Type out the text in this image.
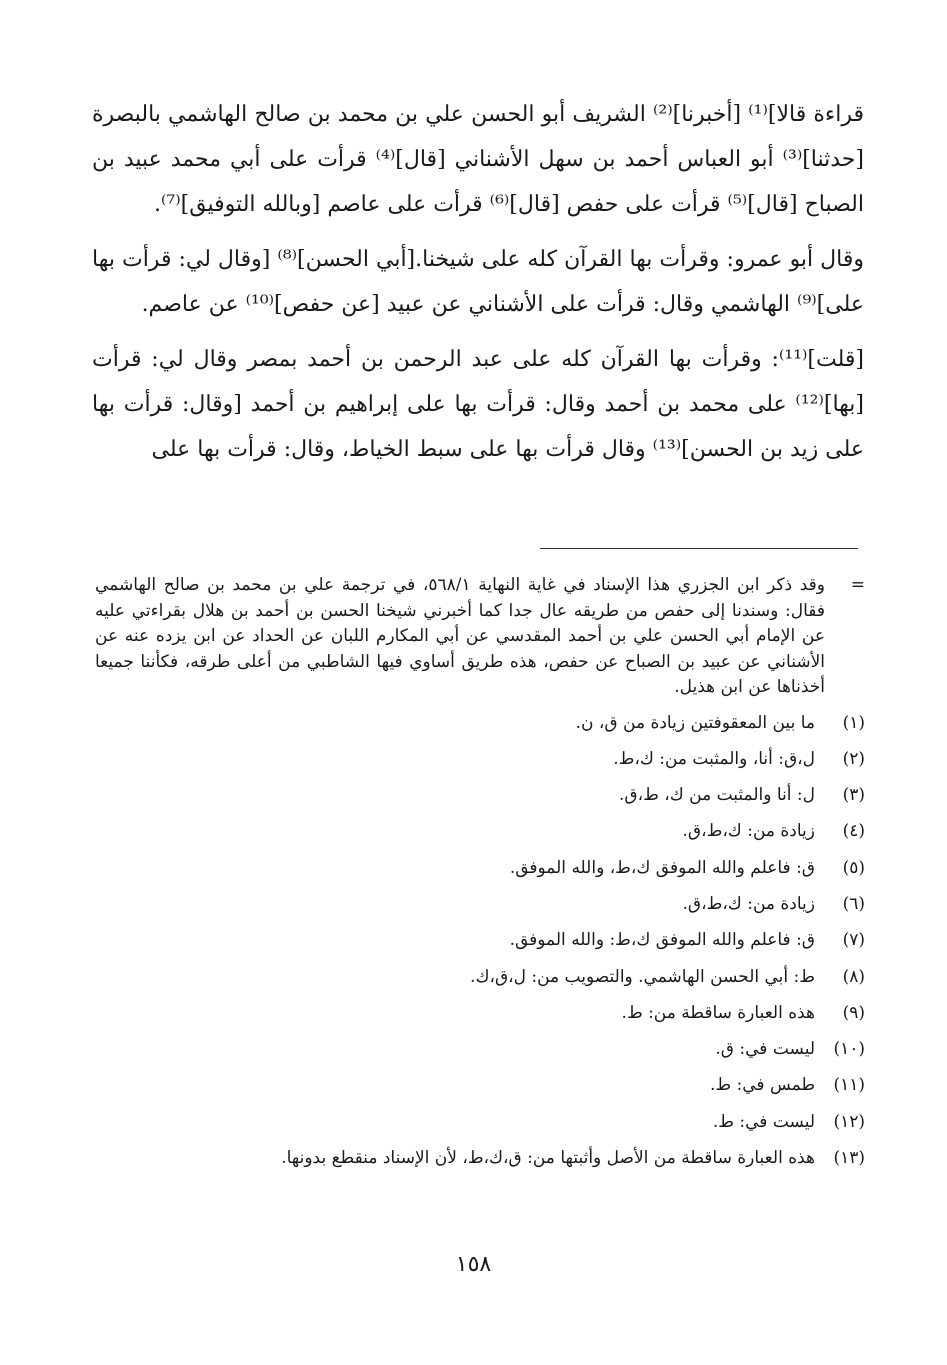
قراءة قالا]⁽¹⁾ [أخبرنا]⁽²⁾ الشريف أبو الحسن علي بن محمد بن صالح الهاشمي بالبصرة [حدثنا]⁽³⁾ أبو العباس أحمد بن سهل الأشناني [قال]⁽⁴⁾ قرأت على أبي محمد عبيد بن الصباح [قال]⁽⁵⁾ قرأت على حفص [قال]⁽⁶⁾ قرأت على عاصم [وبالله التوفيق]⁽⁷⁾.

وقال أبو عمرو: وقرأت بها القرآن كله على شيخنا.[أبي الحسن]⁽⁸⁾ [وقال لي: قرأت بها على]⁽⁹⁾ الهاشمي وقال: قرأت على الأشناني عن عبيد [عن حفص]⁽¹⁰⁾ عن عاصم.

[قلت]⁽¹¹⁾: وقرأت بها القرآن كله على عبد الرحمن بن أحمد بمصر وقال لي: قرأت [بها]⁽¹²⁾ على محمد بن أحمد وقال: قرأت بها على إبراهيم بن أحمد [وقال: قرأت بها على زيد بن الحسن]⁽¹³⁾ وقال قرأت بها على سبط الخياط، وقال: قرأت بها على

=
وقد ذكر ابن الجزري هذا الإسناد في غاية النهاية ٥٦٨/١، في ترجمة علي بن محمد بن صالح الهاشمي فقال: وسندنا إلى حفص من طريقه عال جدا كما أخبرني شيخنا الحسن بن أحمد بن هلال بقراءتي عليه عن الإمام أبي الحسن علي بن أحمد المقدسي عن أبي المكارم اللبان عن الحداد عن ابن يزده عنه عن الأشناني عن عبيد بن الصباح عن حفص، هذه طريق أساوي فيها الشاطبي من أعلى طرقه، فكأننا جميعا أخذناها عن ابن هذيل.
(١)
ما بين المعقوفتين زيادة من ق، ن.
(٢)
ل،ق: أنا، والمثبت من: ك،ط.
(٣)
ل: أنا والمثبت من ك، ط،ق.
(٤)
زيادة من: ك،ط،ق.
(٥)
ق: فاعلم والله الموفق ك،ط، والله الموفق.
(٦)
زيادة من: ك،ط،ق.
(٧)
ق: فاعلم والله الموفق ك،ط: والله الموفق.
(٨)
ط: أبي الحسن الهاشمي. والتصويب من: ل،ق،ك.
(٩)
هذه العبارة ساقطة من: ط.
(١٠)
ليست في: ق.
(١١)
طمس في: ط.
(١٢)
ليست في: ط.
(١٣)
هذه العبارة ساقطة من الأصل وأثبتها من: ق،ك،ط، لأن الإسناد منقطع بدونها.
١٥٨
